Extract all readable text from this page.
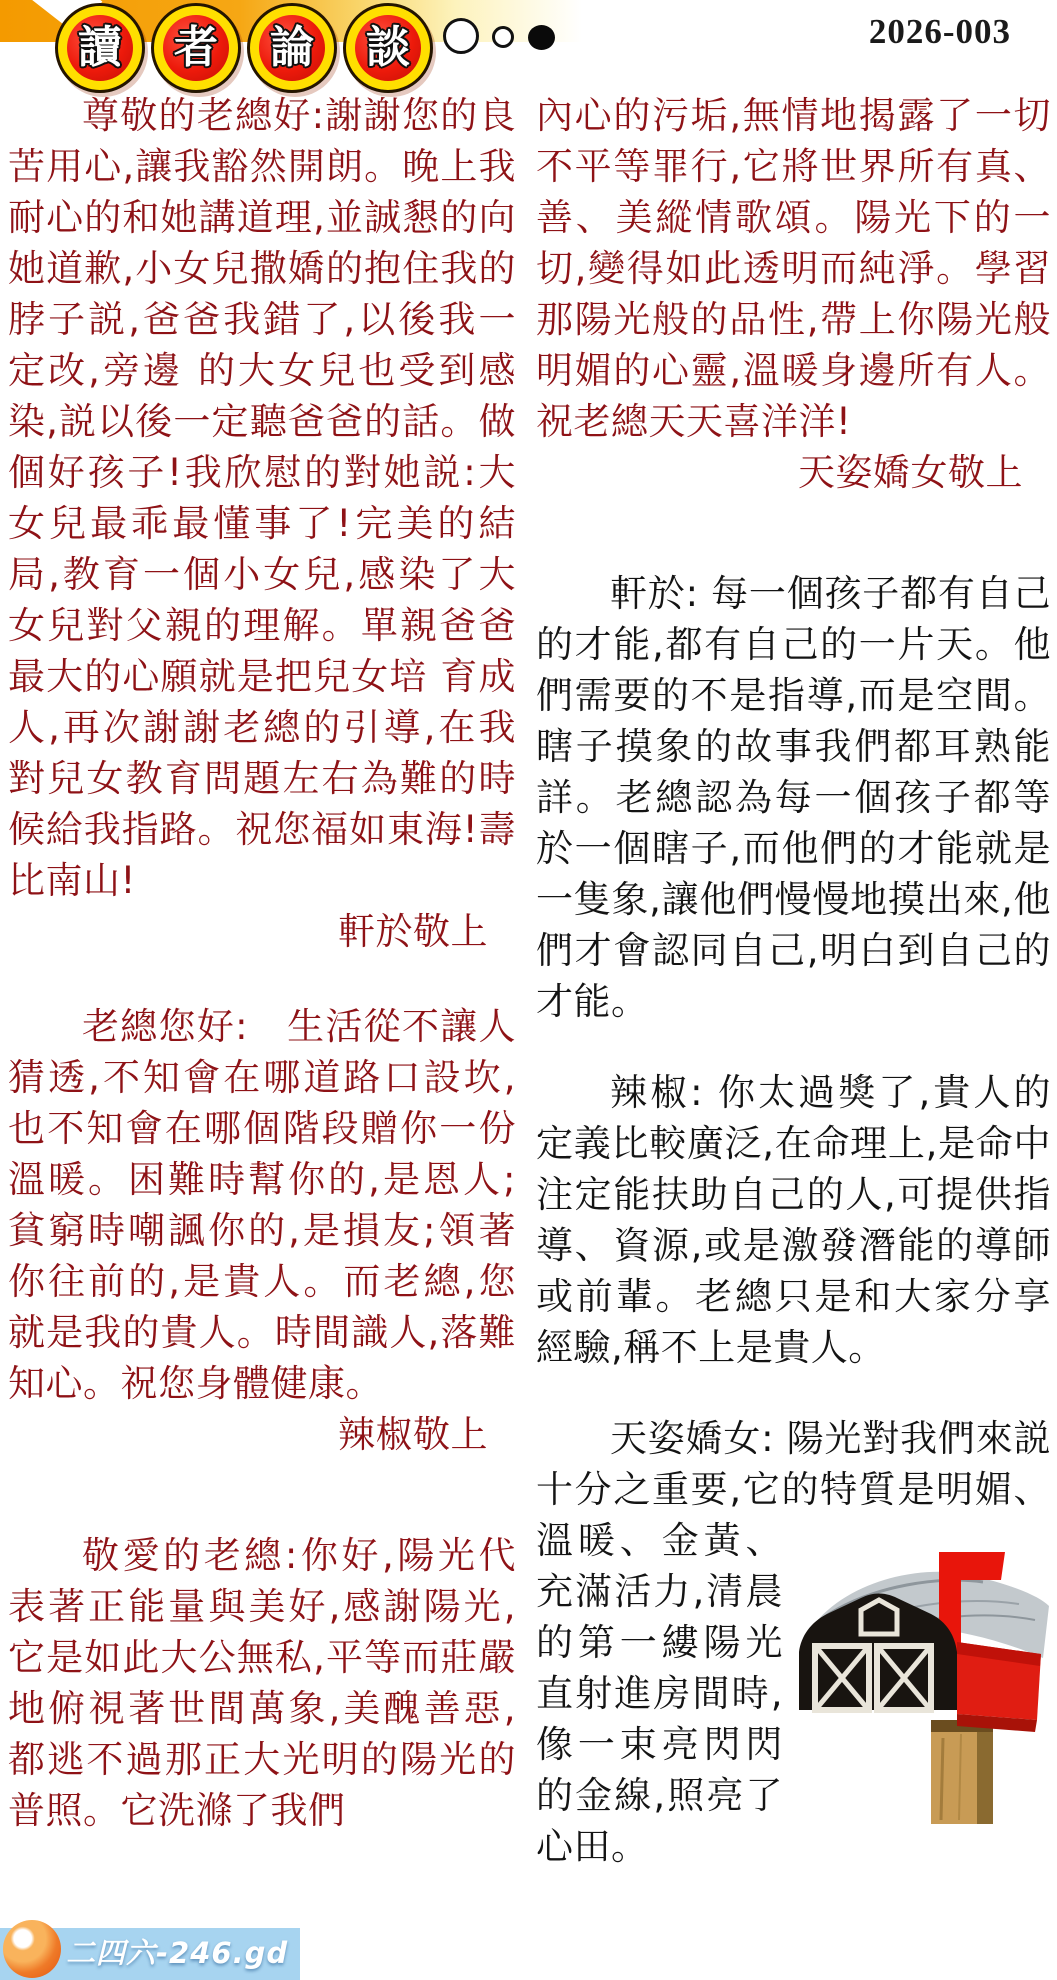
讀 者 論 談	2026-003

尊敬的老總好:謝謝您的良苦用心,讓我豁然開朗。晚上我耐心的和她講道理,並誠懇的向她道歉,小女兒撒嬌的抱住我的脖子説,爸爸我錯了,以後我一定改,旁邊 的大女兒也受到感染,説以後一定聽爸爸的話。做個好孩子!我欣慰的對她説:大女兒最乖最懂事了!完美的結局,教育一個小女兒,感染了大女兒對父親的理解。單親爸爸最大的心願就是把兒女培 育成人,再次謝謝老總的引導,在我對兒女教育問題左右為難的時候給我指路。祝您福如東海!壽比南山!

軒於敬上

老總您好:　生活從不讓人猜透,不知會在哪道路口設坎,也不知會在哪個階段贈你一份溫暖。困難時幫你的,是恩人;貧窮時嘲諷你的,是損友;領著你往前的,是貴人。而老總,您就是我的貴人。時間識人,落難知心。祝您身體健康。

辣椒敬上

敬愛的老總:你好,陽光代表著正能量與美好,感謝陽光,它是如此大公無私,平等而莊嚴地俯視著世間萬象,美醜善惡,都逃不過那正大光明的陽光的普照。它洗滌了我們

內心的污垢,無情地揭露了一切不平等罪行,它將世界所有真、善、美縱情歌頌。陽光下的一切,變得如此透明而純淨。學習那陽光般的品性,帶上你陽光般明媚的心靈,溫暖身邊所有人。祝老總天天喜洋洋!

天姿嬌女敬上

軒於: 每一個孩子都有自己的才能,都有自己的一片天。他們需要的不是指導,而是空間。瞎子摸象的故事我們都耳熟能詳。老總認為每一個孩子都等於一個瞎子,而他們的才能就是一隻象,讓他們慢慢地摸出來,他們才會認同自己,明白到自己的才能。

辣椒: 你太過獎了,貴人的定義比較廣泛,在命理上,是命中注定能扶助自己的人,可提供指導、資源,或是激發潛能的導師或前輩。老總只是和大家分享經驗,稱不上是貴人。

天姿嬌女: 陽光對我們來説十分之重要,它的特質是明媚、溫暖、金黃、充滿活力,清晨的第一縷陽光直射進房間時,像一束亮閃閃的金線,照亮了心田。
二四六-246.gd
